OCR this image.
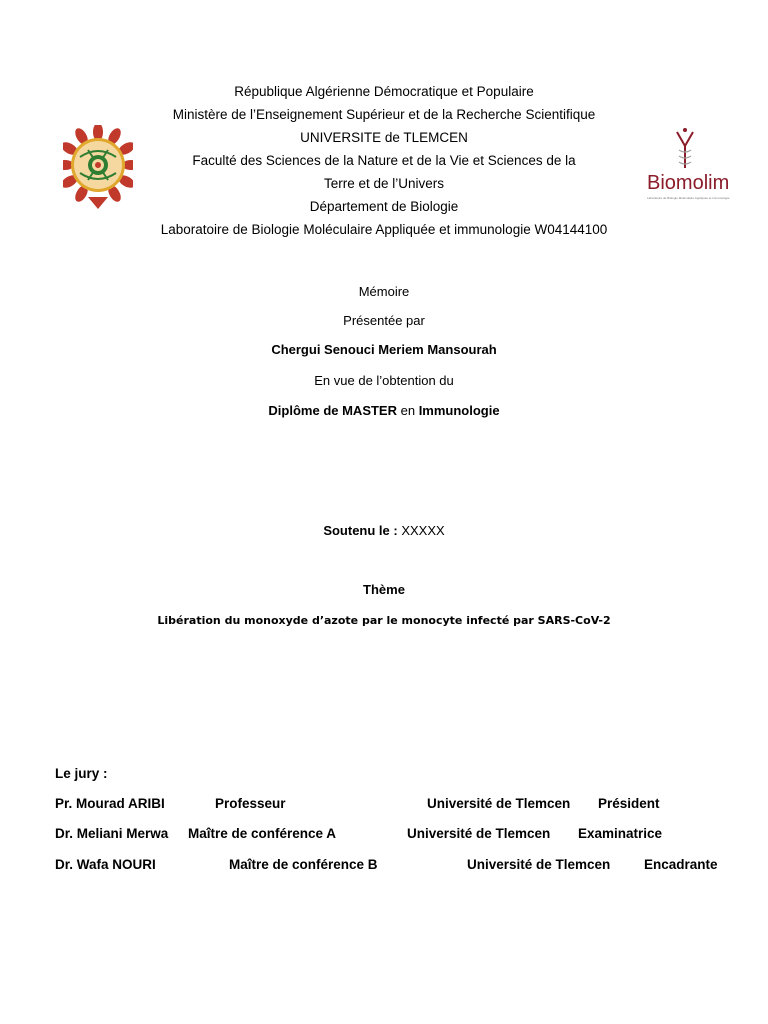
Biomolim
Laboratoire de Biologie Moléculaire Appliquée et Immunologie
République Algérienne Démocratique et Populaire
Ministère de l’Enseignement Supérieur et de la Recherche Scientifique
UNIVERSITE de TLEMCEN
Faculté des Sciences de la Nature et de la Vie et Sciences de la
Terre et de l’Univers
Département de Biologie
Laboratoire de Biologie Moléculaire Appliquée et immunologie W04144100
Mémoire
Présentée par
Chergui Senouci Meriem Mansourah
En vue de l’obtention du
Diplôme de MASTER en Immunologie
Soutenu le : XXXXX
Thème
Libération du monoxyde d’azote par le monocyte infecté par SARS-CoV-2
Le jury :
Pr. Mourad ARIBI	Professeur	Université de Tlemcen Président
Dr. Meliani Merwa Maître de conférence A	Université de Tlemcen Examinatrice
Dr. Wafa NOURI	Maître de conférence B	Université de Tlemcen Encadrante
